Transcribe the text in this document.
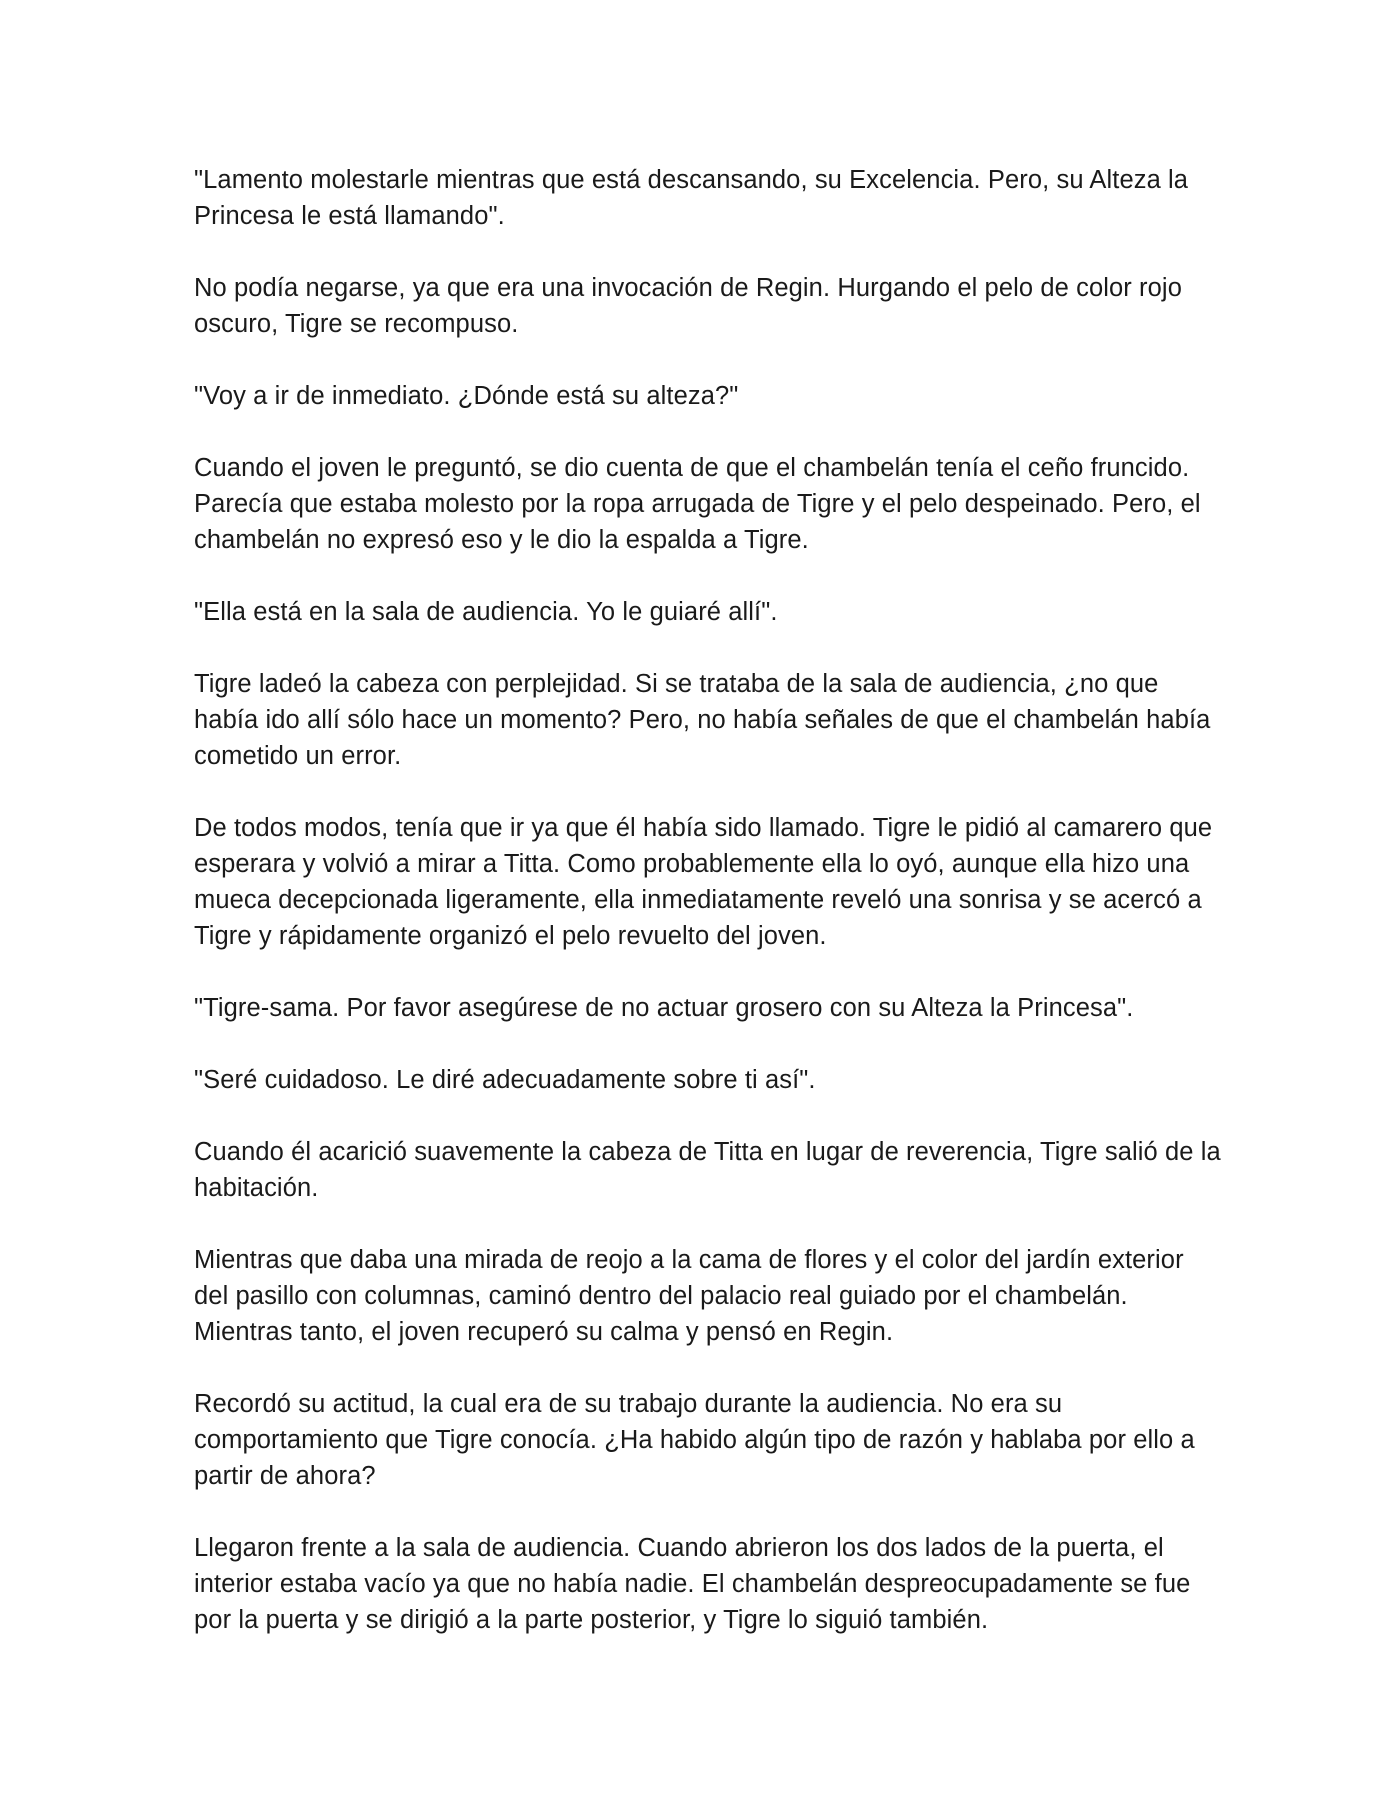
"Lamento molestarle mientras que está descansando, su Excelencia. Pero, su Alteza la Princesa le está llamando".

No podía negarse, ya que era una invocación de Regin. Hurgando el pelo de color rojo oscuro, Tigre se recompuso.

"Voy a ir de inmediato. ¿Dónde está su alteza?"

Cuando el joven le preguntó, se dio cuenta de que el chambelán tenía el ceño fruncido. Parecía que estaba molesto por la ropa arrugada de Tigre y el pelo despeinado. Pero, el chambelán no expresó eso y le dio la espalda a Tigre.

"Ella está en la sala de audiencia. Yo le guiaré allí".

Tigre ladeó la cabeza con perplejidad. Si se trataba de la sala de audiencia, ¿no que había ido allí sólo hace un momento? Pero, no había señales de que el chambelán había cometido un error.

De todos modos, tenía que ir ya que él había sido llamado. Tigre le pidió al camarero que esperara y volvió a mirar a Titta. Como probablemente ella lo oyó, aunque ella hizo una mueca decepcionada ligeramente, ella inmediatamente reveló una sonrisa y se acercó a Tigre y rápidamente organizó el pelo revuelto del joven.

"Tigre-sama. Por favor asegúrese de no actuar grosero con su Alteza la Princesa".

"Seré cuidadoso. Le diré adecuadamente sobre ti así".

Cuando él acarició suavemente la cabeza de Titta en lugar de reverencia, Tigre salió de la habitación.

Mientras que daba una mirada de reojo a la cama de flores y el color del jardín exterior del pasillo con columnas, caminó dentro del palacio real guiado por el chambelán. Mientras tanto, el joven recuperó su calma y pensó en Regin.

Recordó su actitud, la cual era de su trabajo durante la audiencia. No era su comportamiento que Tigre conocía. ¿Ha habido algún tipo de razón y hablaba por ello a partir de ahora?

Llegaron frente a la sala de audiencia. Cuando abrieron los dos lados de la puerta, el interior estaba vacío ya que no había nadie. El chambelán despreocupadamente se fue por la puerta y se dirigió a la parte posterior, y Tigre lo siguió también.
